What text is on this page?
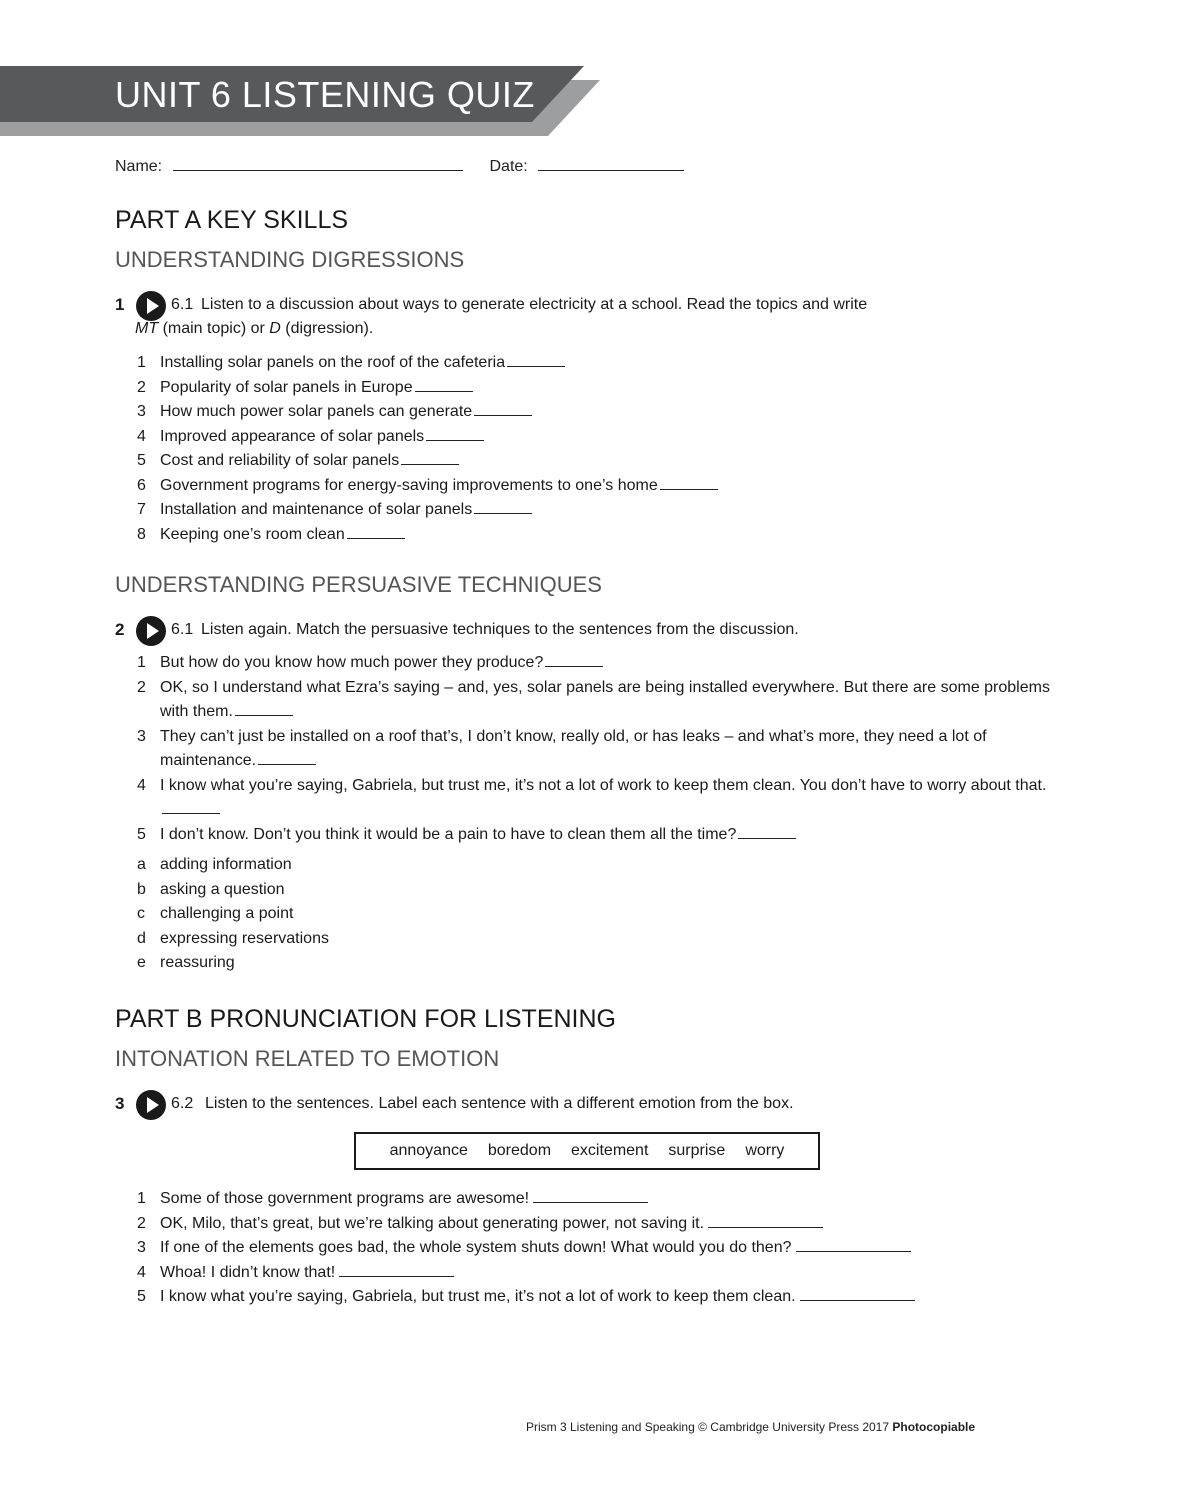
UNIT 6 LISTENING QUIZ
Name:	Date:
PART A KEY SKILLS
UNDERSTANDING DIGRESSIONS
1	6.1 Listen to a discussion about ways to generate electricity at a school. Read the topics and write
MT (main topic) or D (digression).
1 Installing solar panels on the roof of the cafeteria
2 Popularity of solar panels in Europe
3 How much power solar panels can generate
4 Improved appearance of solar panels
5 Cost and reliability of solar panels
6 Government programs for energy-saving improvements to one’s home
7 Installation and maintenance of solar panels
8 Keeping one’s room clean
UNDERSTANDING PERSUASIVE TECHNIQUES
2	6.1 Listen again. Match the persuasive techniques to the sentences from the discussion.
1 But how do you know how much power they produce?
2 OK, so I understand what Ezra’s saying – and, yes, solar panels are being installed everywhere. But there are some problems with them.
3 They can’t just be installed on a roof that’s, I don’t know, really old, or has leaks – and what’s more, they need a lot of maintenance.
4 I know what you’re saying, Gabriela, but trust me, it’s not a lot of work to keep them clean. You don’t have to worry about that.
5 I don’t know. Don’t you think it would be a pain to have to clean them all the time?
a adding information
b asking a question
c challenging a point
d expressing reservations
e reassuring
PART B PRONUNCIATION FOR LISTENING
INTONATION RELATED TO EMOTION
3	6.2 Listen to the sentences. Label each sentence with a different emotion from the box.
annoyance boredom excitement surprise worry
1 Some of those government programs are awesome!
2 OK, Milo, that’s great, but we’re talking about generating power, not saving it.
3 If one of the elements goes bad, the whole system shuts down! What would you do then?
4 Whoa! I didn’t know that!
5 I know what you’re saying, Gabriela, but trust me, it’s not a lot of work to keep them clean.
Prism 3 Listening and Speaking © Cambridge University Press 2017 Photocopiable
